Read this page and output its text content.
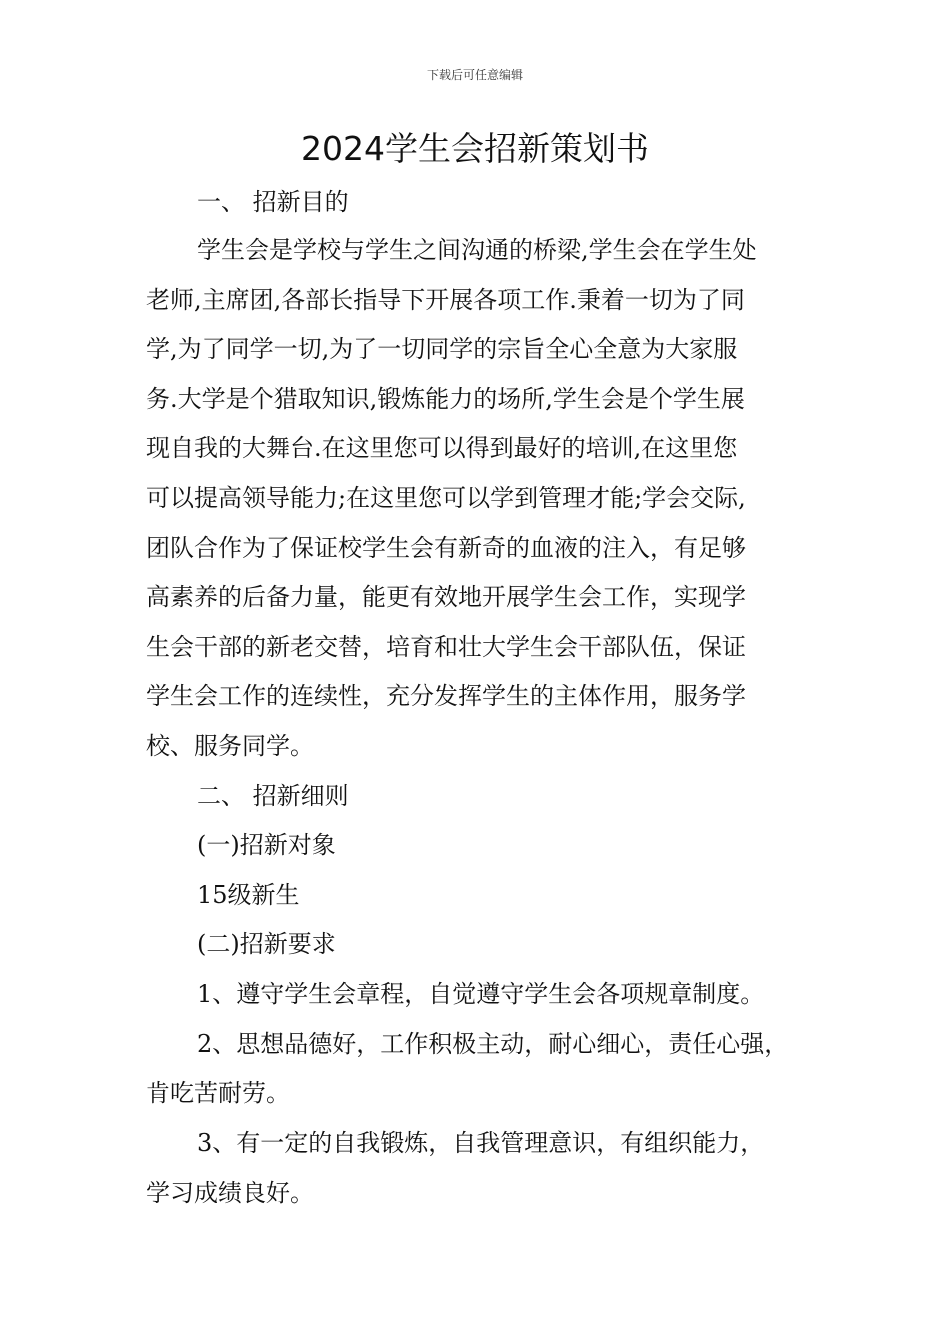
下载后可任意编辑
2024学生会招新策划书
一、 招新目的
学生会是学校与学生之间沟通的桥梁,学生会在学生处
老师,主席团,各部长指导下开展各项工作.秉着一切为了同
学,为了同学一切,为了一切同学的宗旨全心全意为大家服
务.大学是个猎取知识,锻炼能力的场所,学生会是个学生展
现自我的大舞台.在这里您可以得到最好的培训,在这里您
可以提高领导能力;在这里您可以学到管理才能;学会交际,
团队合作为了保证校学生会有新奇的血液的注入，有足够
高素养的后备力量，能更有效地开展学生会工作，实现学
生会干部的新老交替，培育和壮大学生会干部队伍，保证
学生会工作的连续性，充分发挥学生的主体作用，服务学
校、服务同学。
二、 招新细则
(一)招新对象
15级新生
(二)招新要求
1、遵守学生会章程，自觉遵守学生会各项规章制度。
2、思想品德好，工作积极主动，耐心细心，责任心强，
肯吃苦耐劳。
3、有一定的自我锻炼，自我管理意识，有组织能力，
学习成绩良好。
